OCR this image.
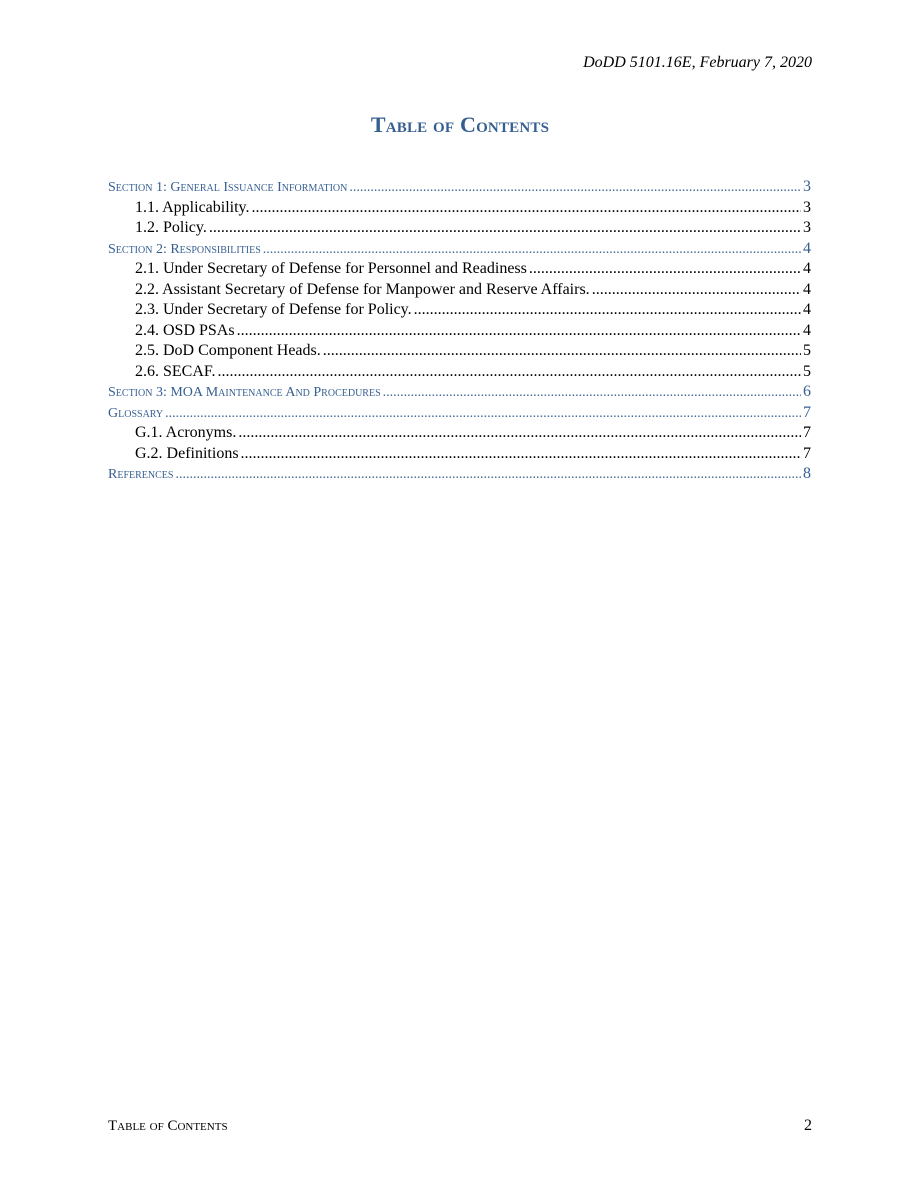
DoDD 5101.16E, February 7, 2020
Table of Contents
Section 1: General Issuance Information .....	3
1.1. Applicability. .....	3
1.2. Policy. .....	3
Section 2: Responsibilities .....	4
2.1. Under Secretary of Defense for Personnel and Readiness .....	4
2.2. Assistant Secretary of Defense for Manpower and Reserve Affairs. .....	4
2.3. Under Secretary of Defense for Policy. .....	4
2.4. OSD PSAs .....	4
2.5. DoD Component Heads. .....	5
2.6. SECAF. .....	5
Section 3: MOA Maintenance And Procedures .....	6
Glossary .....	7
G.1. Acronyms. .....	7
G.2. Definitions .....	7
References .....	8
Table of Contents	2
